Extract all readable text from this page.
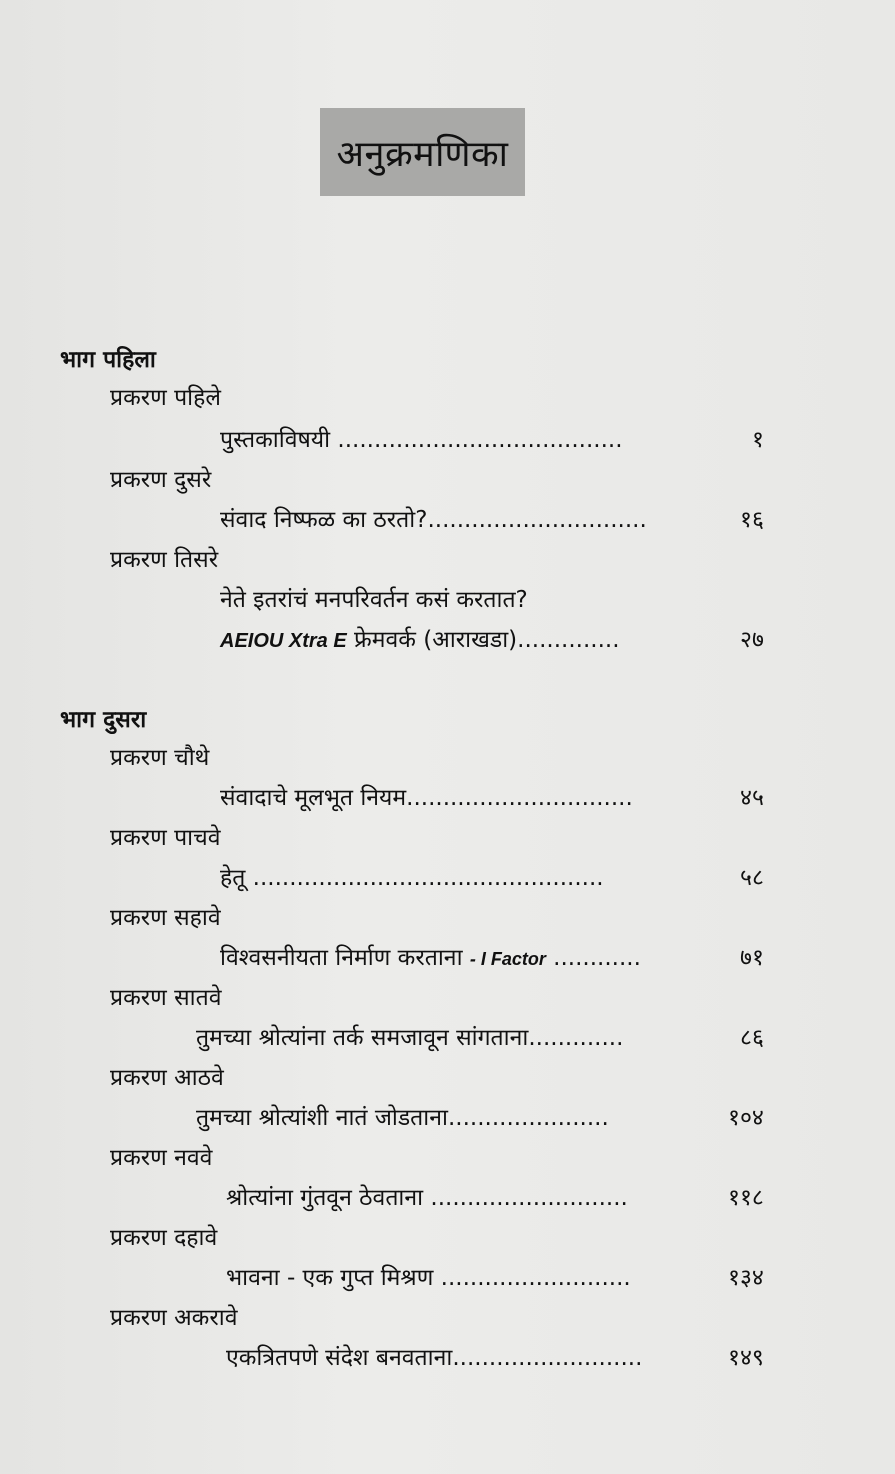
अनुक्रमणिका
भाग पहिला
प्रकरण पहिले
पुस्तकाविषयी .......................................	१
प्रकरण दुसरे
संवाद निष्फळ का ठरतो?..............................	१६
प्रकरण तिसरे
नेते इतरांचं मनपरिवर्तन कसं करतात?
AEIOU Xtra E फ्रेमवर्क (आराखडा)..............	२७
भाग दुसरा
प्रकरण चौथे
संवादाचे मूलभूत नियम...............................	४५
प्रकरण पाचवे
हेतू ................................................	५८
प्रकरण सहावे
विश्वसनीयता निर्माण करताना - I Factor ............	७१
प्रकरण सातवे
तुमच्या श्रोत्यांना तर्क समजावून सांगताना.............	८६
प्रकरण आठवे
तुमच्या श्रोत्यांशी नातं जोडताना......................	१०४
प्रकरण नववे
श्रोत्यांना गुंतवून ठेवताना ...........................	११८
प्रकरण दहावे
भावना - एक गुप्त मिश्रण ..........................	१३४
प्रकरण अकरावे
एकत्रितपणे संदेश बनवताना..........................	१४९
